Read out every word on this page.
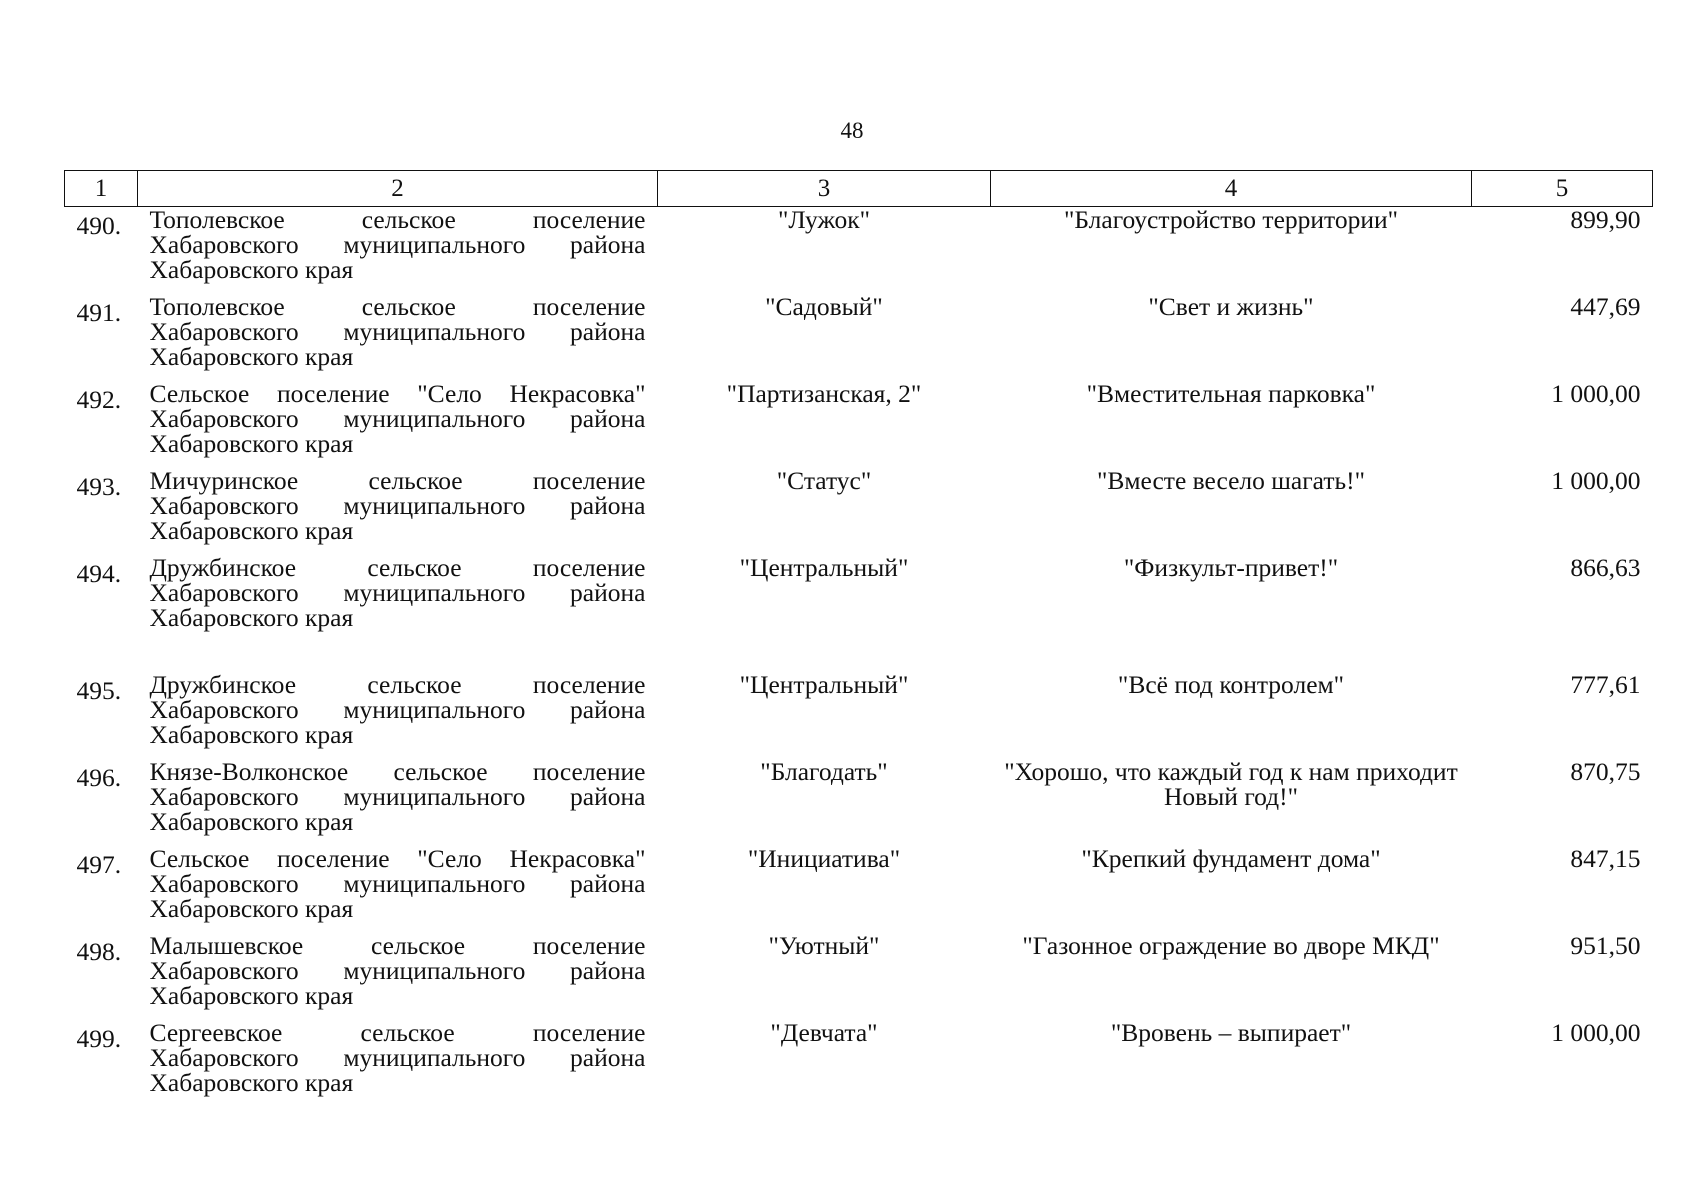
48
1	2	3	4	5
490.	Тополевское сельское поселение Хабаровского муниципального района Хабаровского края	"Лужок"	"Благоустройство территории"	899,90
491.	Тополевское сельское поселение Хабаровского муниципального района Хабаровского края	"Садовый"	"Свет и жизнь"	447,69
492.	Сельское поселение "Село Некрасовка" Хабаровского муниципального района Хабаровского края	"Партизанская, 2"	"Вместительная парковка"	1 000,00
493.	Мичуринское сельское поселение Хабаровского муниципального района Хабаровского края	"Статус"	"Вместе весело шагать!"	1 000,00
494.	Дружбинское сельское поселение Хабаровского муниципального района Хабаровского края	"Центральный"	"Физкульт-привет!"	866,63

495.	Дружбинское сельское поселение Хабаровского муниципального района Хабаровского края	"Центральный"	"Всё под контролем"	777,61
496.	Князе-Волконское сельское поселение Хабаровского муниципального района Хабаровского края	"Благодать"	"Хорошо, что каждый год к нам приходит Новый год!"	870,75
497.	Сельское поселение "Село Некрасовка" Хабаровского муниципального района Хабаровского края	"Инициатива"	"Крепкий фундамент дома"	847,15
498.	Малышевское сельское поселение Хабаровского муниципального района Хабаровского края	"Уютный"	"Газонное ограждение во дворе МКД"	951,50
499.	Сергеевское сельское поселение Хабаровского муниципального района Хабаровского края	"Девчата"	"Вровень – выпирает"	1 000,00
